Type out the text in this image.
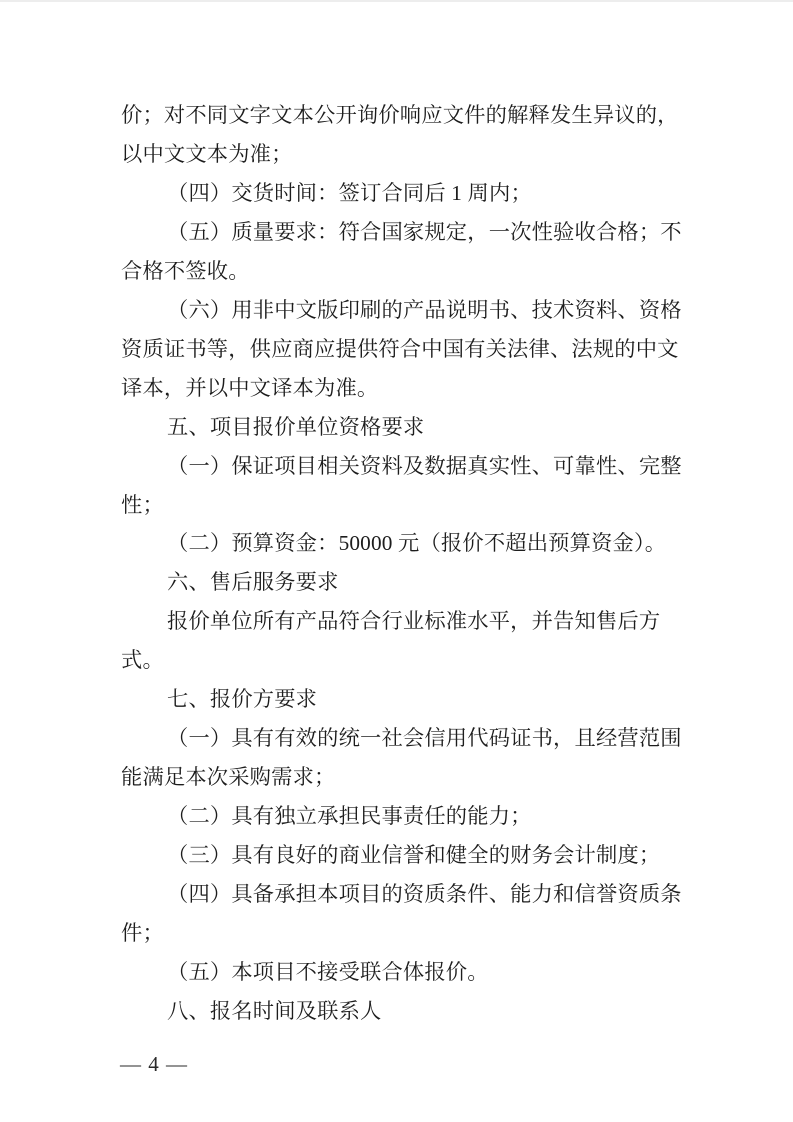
价；对不同文字文本公开询价响应文件的解释发生异议的，
以中文文本为准；
（四）交货时间：签订合同后 1 周内；
（五）质量要求：符合国家规定，一次性验收合格；不
合格不签收。
（六）用非中文版印刷的产品说明书、技术资料、资格
资质证书等，供应商应提供符合中国有关法律、法规的中文
译本，并以中文译本为准。
五、项目报价单位资格要求
（一）保证项目相关资料及数据真实性、可靠性、完整
性；
（二）预算资金：50000 元（报价不超出预算资金）。
六、售后服务要求
报价单位所有产品符合行业标准水平，并告知售后方
式。
七、报价方要求
（一）具有有效的统一社会信用代码证书，且经营范围
能满足本次采购需求；
（二）具有独立承担民事责任的能力；
（三）具有良好的商业信誉和健全的财务会计制度；
（四）具备承担本项目的资质条件、能力和信誉资质条
件；
（五）本项目不接受联合体报价。
八、报名时间及联系人
— 4 —
